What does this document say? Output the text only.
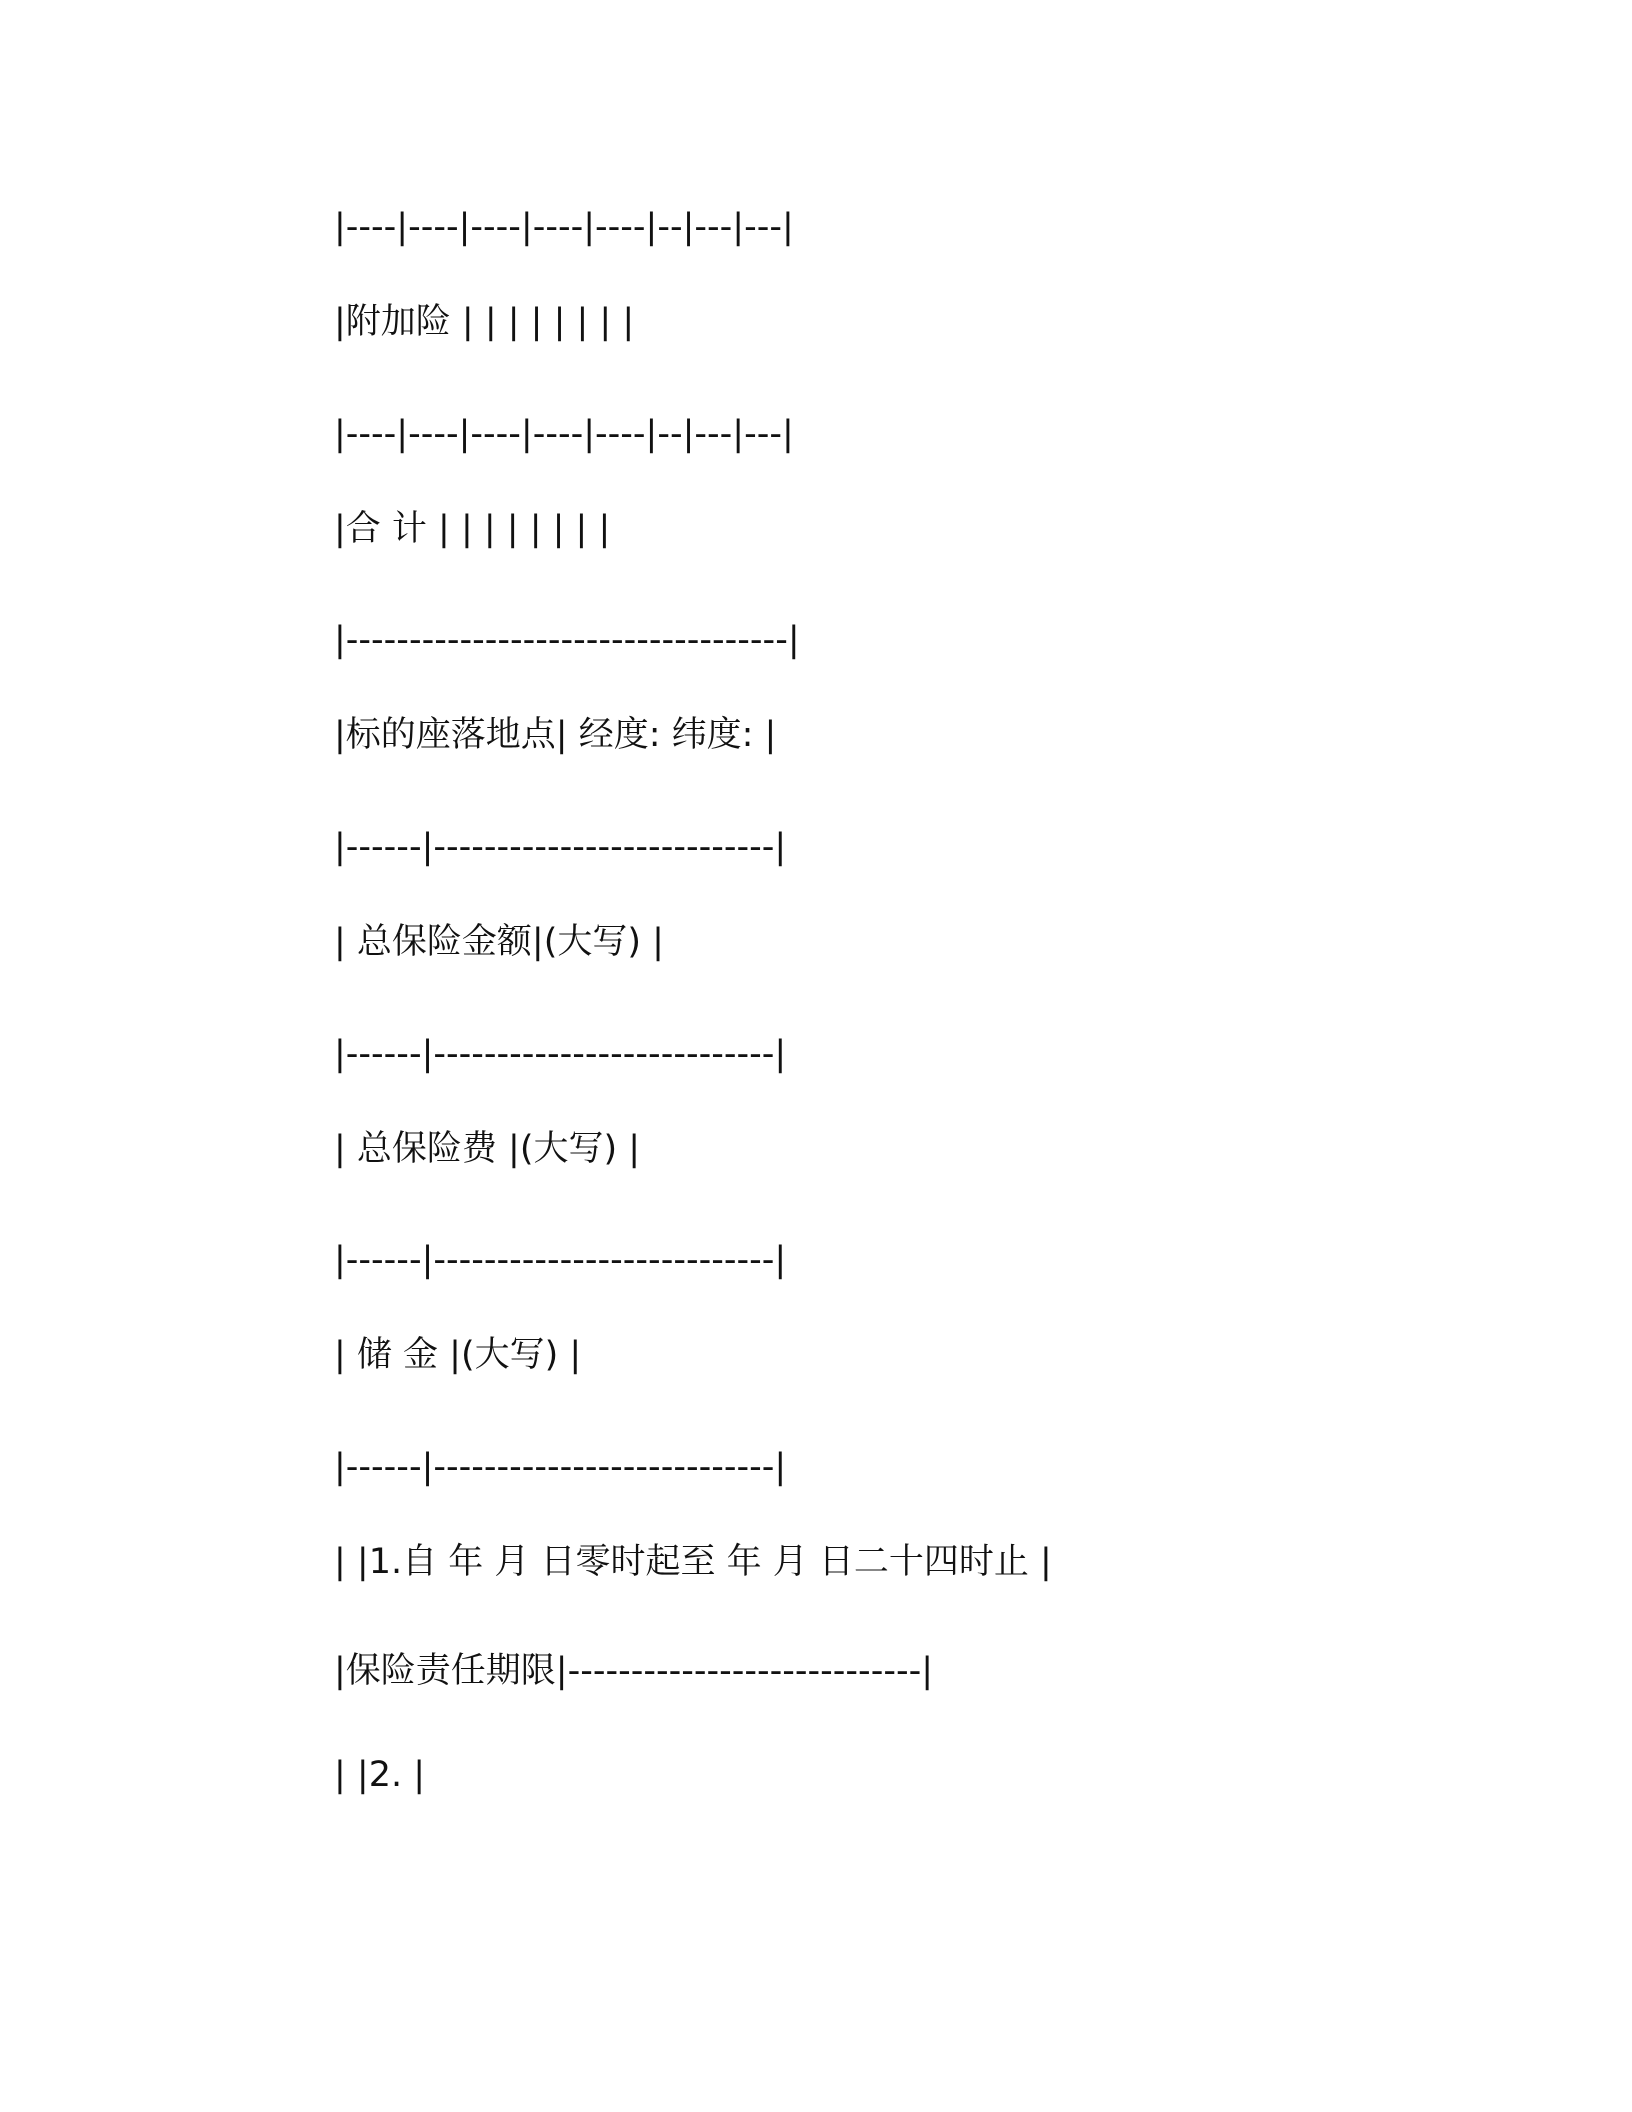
|----|----|----|----|----|--|---|---|

|附加险 | | | | | | | |

|----|----|----|----|----|--|---|---|

|合 计 | | | | | | | |

|-----------------------------------|

|标的座落地点| 经度: 纬度: |

|------|---------------------------|

| 总保险金额|(大写) |

|------|---------------------------|

| 总保险费 |(大写) |

|------|---------------------------|

| 储 金 |(大写) |

|------|---------------------------|

| |1.自 年 月 日零时起至 年 月 日二十四时止 |

|保险责任期限|----------------------------|

| |2. |
